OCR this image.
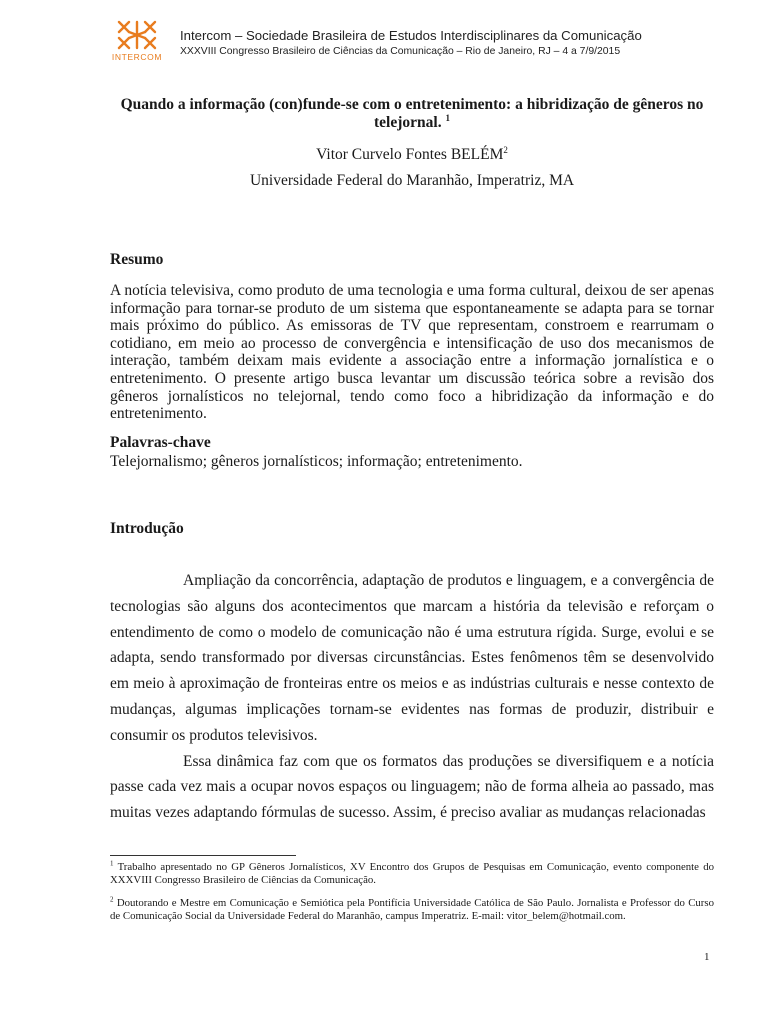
INTERCOM
Intercom – Sociedade Brasileira de Estudos Interdisciplinares da Comunicação
XXXVIII Congresso Brasileiro de Ciências da Comunicação – Rio de Janeiro, RJ – 4 a 7/9/2015
Quando a informação (con)funde-se com o entretenimento: a hibridização de gêneros no telejornal. $^1$
Vitor Curvelo Fontes BELÉM$^2$
Universidade Federal do Maranhão, Imperatriz, MA
Resumo
A notícia televisiva, como produto de uma tecnologia e uma forma cultural, deixou de ser apenas informação para tornar-se produto de um sistema que espontaneamente se adapta para se tornar mais próximo do público. As emissoras de TV que representam, constroem e rearrumam o cotidiano, em meio ao processo de convergência e intensificação de uso dos mecanismos de interação, também deixam mais evidente a associação entre a informação jornalística e o entretenimento. O presente artigo busca levantar um discussão teórica sobre a revisão dos gêneros jornalísticos no telejornal, tendo como foco a hibridização da informação e do entretenimento.
Palavras-chave
Telejornalismo; gêneros jornalísticos; informação; entretenimento.
Introdução

Ampliação da concorrência, adaptação de produtos e linguagem, e a convergência de tecnologias são alguns dos acontecimentos que marcam a história da televisão e reforçam o entendimento de como o modelo de comunicação não é uma estrutura rígida. Surge, evolui e se adapta, sendo transformado por diversas circunstâncias. Estes fenômenos têm se desenvolvido em meio à aproximação de fronteiras entre os meios e as indústrias culturais e nesse contexto de mudanças, algumas implicações tornam-se evidentes nas formas de produzir, distribuir e consumir os produtos televisivos.

Essa dinâmica faz com que os formatos das produções se diversifiquem e a notícia passe cada vez mais a ocupar novos espaços ou linguagem; não de forma alheia ao passado, mas muitas vezes adaptando fórmulas de sucesso. Assim, é preciso avaliar as mudanças relacionadas

$^1$ Trabalho apresentado no GP Gêneros Jornalísticos, XV Encontro dos Grupos de Pesquisas em Comunicação, evento componente do XXXVIII Congresso Brasileiro de Ciências da Comunicação.
$^2$ Doutorando e Mestre em Comunicação e Semiótica pela Pontifícia Universidade Católica de São Paulo. Jornalista e Professor do Curso de Comunicação Social da Universidade Federal do Maranhão, campus Imperatriz. E-mail: vitor_belem@hotmail.com.
1
